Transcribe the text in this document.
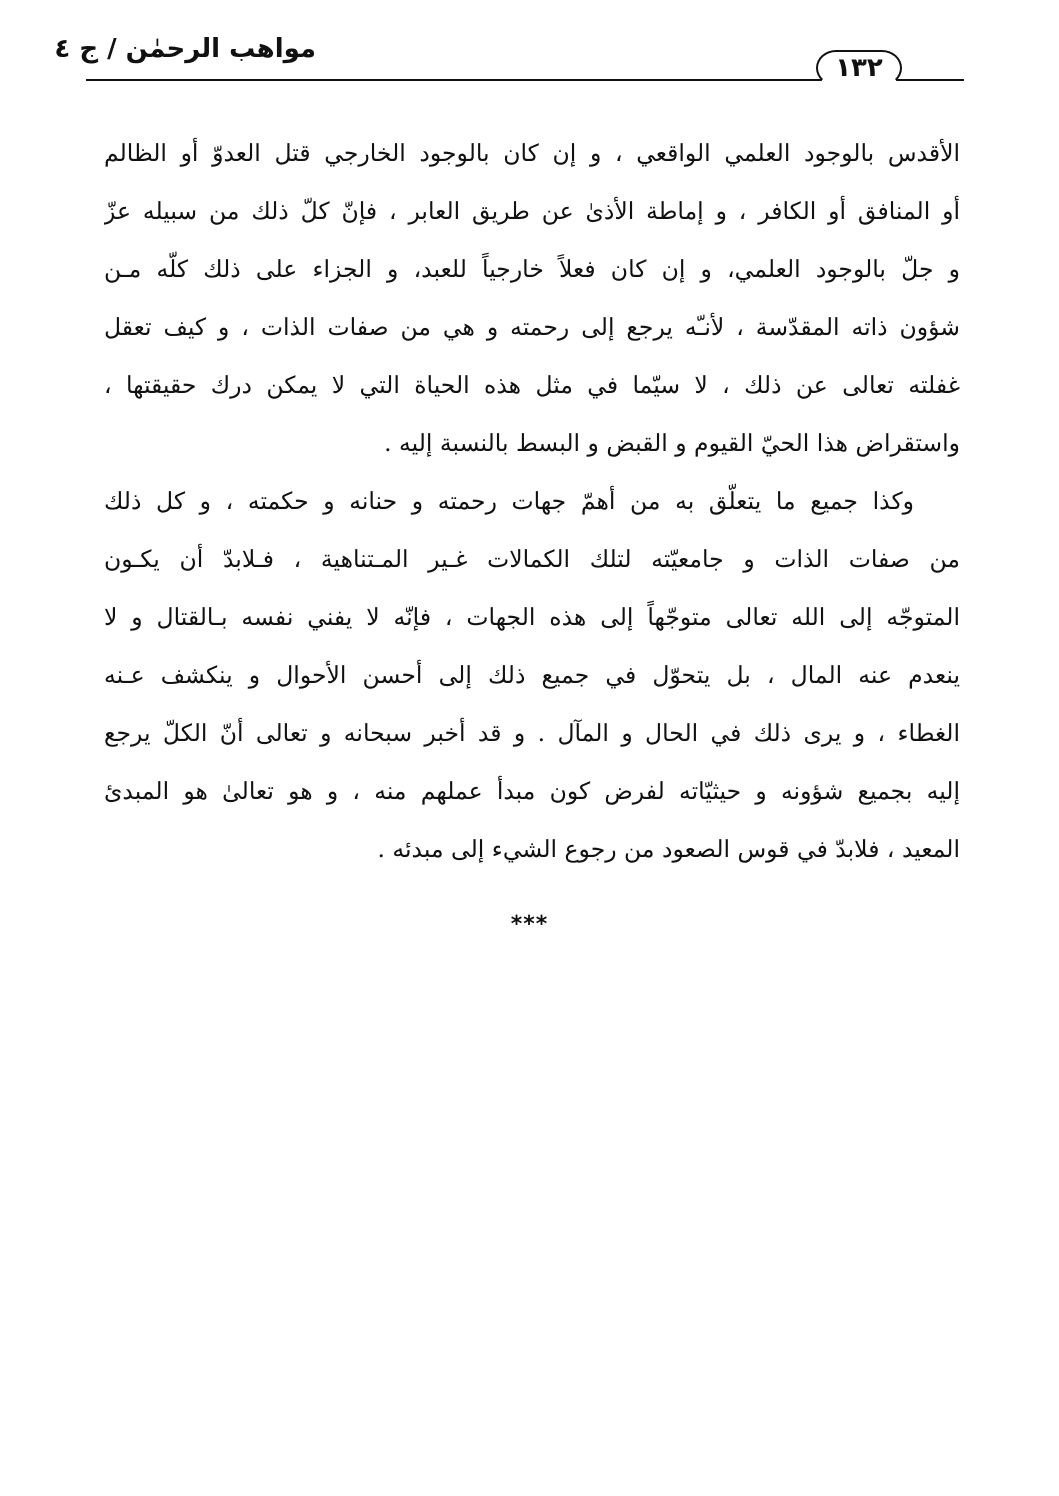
مواهب الرحمٰن / ج ٤
١٣٢
الأقدس بالوجود العلمي الواقعي ، و إن كان بالوجود الخارجي قتل العدوّ أو الظالم
أو المنافق أو الكافر ، و إماطة الأذىٰ عن طريق العابر ، فإنّ كلّ ذلك من سبيله عزّ
و جلّ بالوجود العلمي، و إن كان فعلاً خارجياً للعبد، و الجزاء على ذلك كلّه مـن
شؤون ذاته المقدّسة ، لأنـّه يرجع إلى رحمته و هي من صفات الذات ، و كيف تعقل
غفلته تعالى عن ذلك ، لا سيّما في مثل هذه الحياة التي لا يمكن درك حقيقتها ،
واستقراض هذا الحيّ القيوم و القبض و البسط بالنسبة إليه .
وكذا جميع ما يتعلّق به من أهمّ جهات رحمته و حنانه و حكمته ، و كل ذلك
من صفات الذات و جامعيّته لتلك الكمالات غـير المـتناهية ، فـلابدّ أن يكـون
المتوجّه إلى الله تعالى متوجّهاً إلى هذه الجهات ، فإنّه لا يفني نفسه بـالقتال و لا
ينعدم عنه المال ، بل يتحوّل في جميع ذلك إلى أحسن الأحوال و ينكشف عـنه
الغطاء ، و يرى ذلك في الحال و المآل . و قد أخبر سبحانه و تعالى أنّ الكلّ يرجع
إليه بجميع شؤونه و حيثيّاته لفرض كون مبدأ عملهم منه ، و هو تعالىٰ هو المبدئ
المعيد ، فلابدّ في قوس الصعود من رجوع الشيء إلى مبدئه .
***
